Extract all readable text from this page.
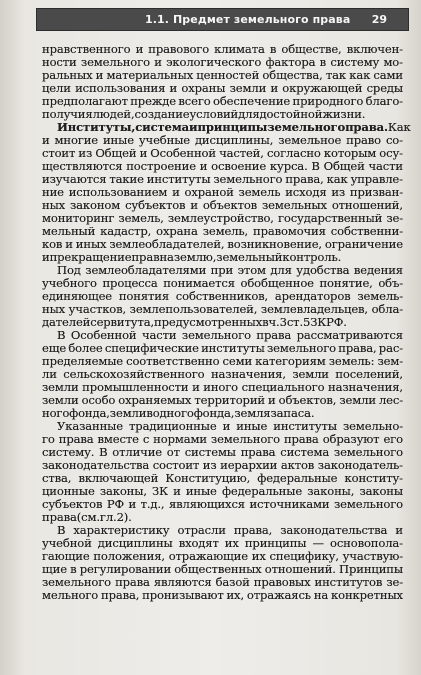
1.1. Предмет земельного права 29
нравственного и правового климата в обществе, включен-
ности земельного и экологического фактора в систему мо-
ральных и материальных ценностей общества, так как сами
цели использования и охраны земли и окружающей среды
предполагают прежде всего обеспечение природного благо-
получия людей, создание условий для достойной жизни.
Институты, система и принципы земельного права. Как
и многие иные учебные дисциплины, земельное право со-
стоит из Общей и Особенной частей, согласно которым осу-
ществляются построение и освоение курса. В Общей части
изучаются такие институты земельного права, как управле-
ние использованием и охраной земель исходя из призван-
ных законом субъектов и объектов земельных отношений,
мониторинг земель, землеустройство, государственный зе-
мельный кадастр, охрана земель, правомочия собственни-
ков и иных землеобладателей, возникновение, ограничение
и прекращение прав на землю, земельный контроль.
Под землеобладателями при этом для удобства ведения
учебного процесса понимается обобщенное понятие, объ-
единяющее понятия собственников, арендаторов земель-
ных участков, землепользователей, землевладельцев, обла-
дателей сервитута, предусмотренных в ч. 3 ст. 5 ЗК РФ.
В Особенной части земельного права рассматриваются
еще более специфические институты земельного права, рас-
пределяемые соответственно семи категориям земель: зем-
ли сельскохозяйственного назначения, земли поселений,
земли промышленности и иного специального назначения,
земли особо охраняемых территорий и объектов, земли лес-
ного фонда, земли водного фонда, земля запаса.
Указанные традиционные и иные институты земельно-
го права вместе с нормами земельного права образуют его
систему. В отличие от системы права система земельного
законодательства состоит из иерархии актов законодатель-
ства, включающей Конституцию, федеральные конститу-
ционные законы, ЗК и иные федеральные законы, законы
субъектов РФ и т.д., являющихся источниками земельного
права (см. гл. 2).
В характеристику отрасли права, законодательства и
учебной дисциплины входят их принципы — основопола-
гающие положения, отражающие их специфику, участвую-
щие в регулировании общественных отношений. Принципы
земельного права являются базой правовых институтов зе-
мельного права, пронизывают их, отражаясь на конкретных
